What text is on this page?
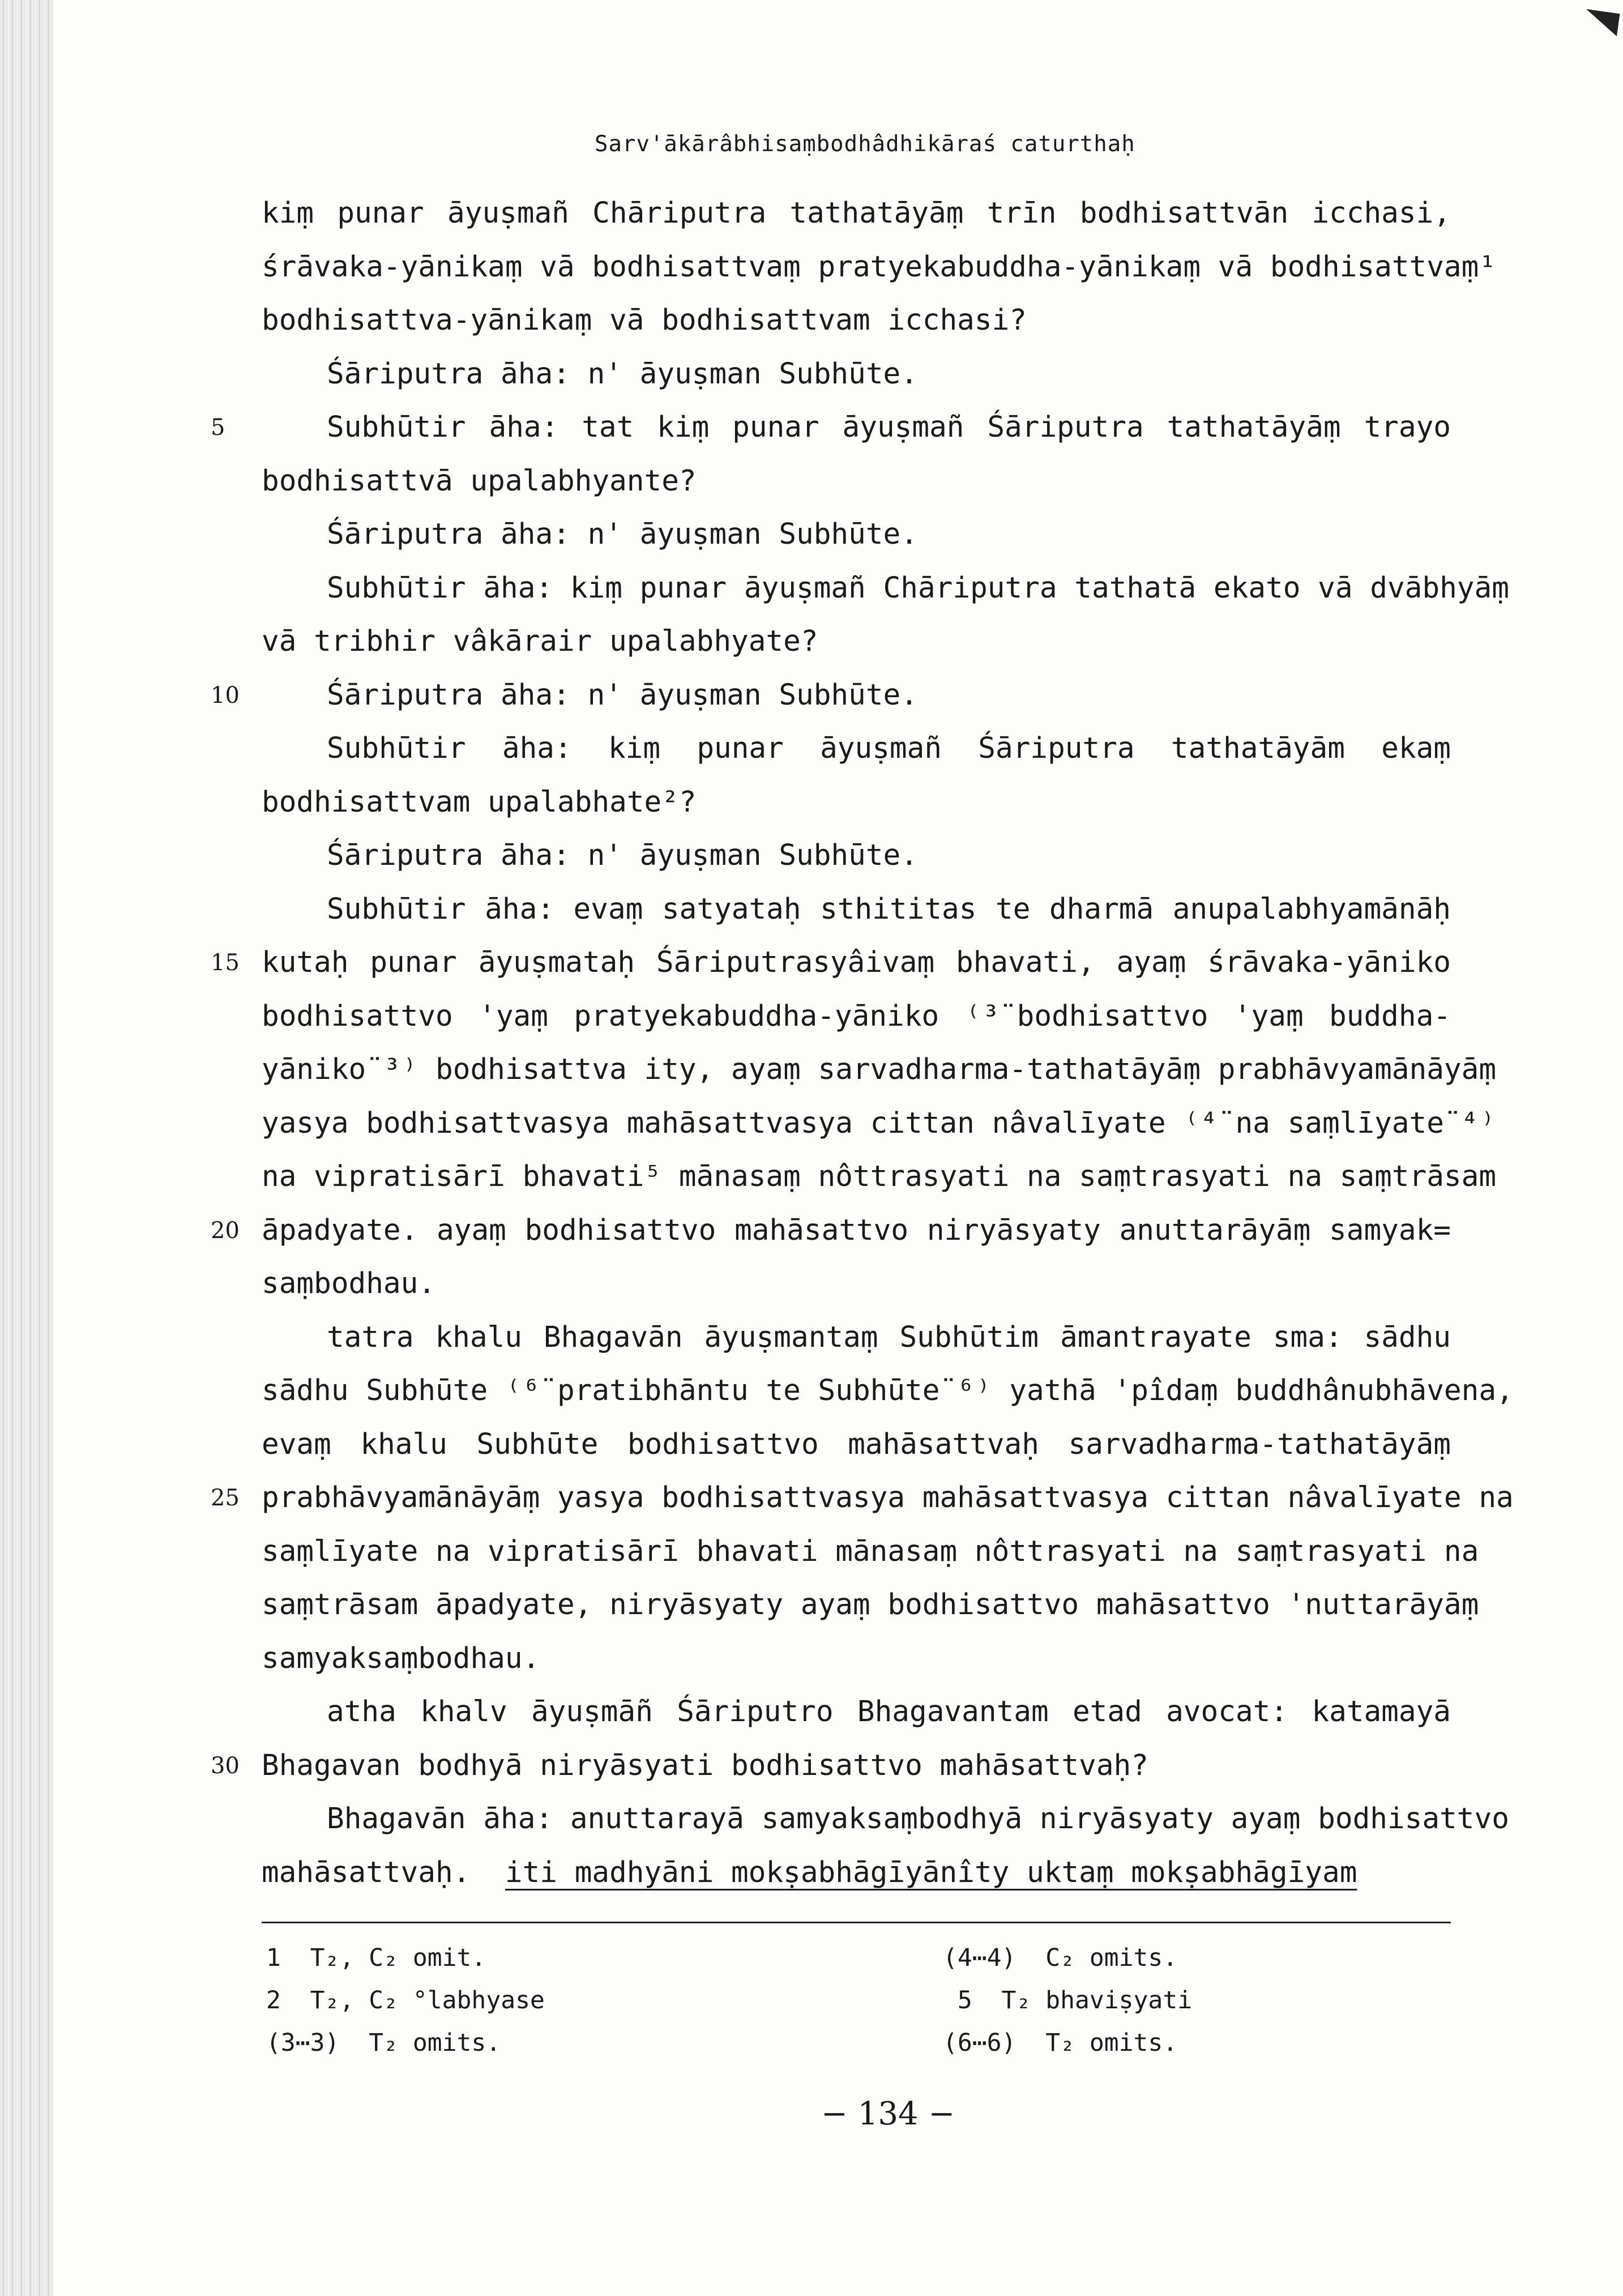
Sarv'ākārâbhisaṃbodhâdhikāraś caturthaḥ
kiṃ punar āyuṣmañ Chāriputra tathatāyāṃ trīn bodhisattvān icchasi,
śrāvaka-yānikaṃ vā bodhisattvaṃ pratyekabuddha-yānikaṃ vā bodhisattvaṃ¹
bodhisattva-yānikaṃ vā bodhisattvam icchasi?
Śāriputra āha: n' āyuṣman Subhūte.
5	Subhūtir āha: tat kiṃ punar āyuṣmañ Śāriputra tathatāyāṃ trayo
bodhisattvā upalabhyante?
Śāriputra āha: n' āyuṣman Subhūte.
Subhūtir āha: kiṃ punar āyuṣmañ Chāriputra tathatā ekato vā dvābhyāṃ
vā tribhir vâkārair upalabhyate?
10	Śāriputra āha: n' āyuṣman Subhūte.
Subhūtir āha: kiṃ punar āyuṣmañ Śāriputra tathatāyām ekaṃ
bodhisattvam upalabhate²?
Śāriputra āha: n' āyuṣman Subhūte.
Subhūtir āha: evaṃ satyataḥ sthititas te dharmā anupalabhyamānāḥ
15 kutaḥ punar āyuṣmataḥ Śāriputrasyâivaṃ bhavati, ayaṃ śrāvaka-yāniko
bodhisattvo 'yaṃ pratyekabuddha-yāniko ⁽³¨bodhisattvo 'yaṃ buddha-
yāniko¨³⁾ bodhisattva ity, ayaṃ sarvadharma-tathatāyāṃ prabhāvyamānāyāṃ
yasya bodhisattvasya mahāsattvasya cittan nâvalīyate ⁽⁴¨na saṃlīyate¨⁴⁾
na vipratisārī bhavati⁵ mānasaṃ nôttrasyati na saṃtrasyati na saṃtrāsam
20 āpadyate. ayaṃ bodhisattvo mahāsattvo niryāsyaty anuttarāyāṃ samyak=
saṃbodhau.
tatra khalu Bhagavān āyuṣmantaṃ Subhūtim āmantrayate sma: sādhu
sādhu Subhūte ⁽⁶¨pratibhāntu te Subhūte¨⁶⁾ yathā 'pîdaṃ buddhânubhāvena,
evaṃ khalu Subhūte bodhisattvo mahāsattvaḥ sarvadharma-tathatāyāṃ
25 prabhāvyamānāyāṃ yasya bodhisattvasya mahāsattvasya cittan nâvalīyate na
saṃlīyate na vipratisārī bhavati mānasaṃ nôttrasyati na saṃtrasyati na
saṃtrāsam āpadyate, niryāsyaty ayaṃ bodhisattvo mahāsattvo 'nuttarāyāṃ
samyaksaṃbodhau.
atha khalv āyuṣmāñ Śāriputro Bhagavantam etad avocat: katamayā
30 Bhagavan bodhyā niryāsyati bodhisattvo mahāsattvaḥ?
Bhagavān āha: anuttarayā samyaksaṃbodhyā niryāsyaty ayaṃ bodhisattvo
mahāsattvaḥ.  iti madhyāni mokṣabhāgīyānîty uktaṃ mokṣabhāgīyam
1  T₂, C₂ omit.	(4⋯4)  C₂ omits.
2  T₂, C₂ °labhyase	5  T₂ bhaviṣyati
(3⋯3)  T₂ omits.	(6⋯6)  T₂ omits.
− 134 −
